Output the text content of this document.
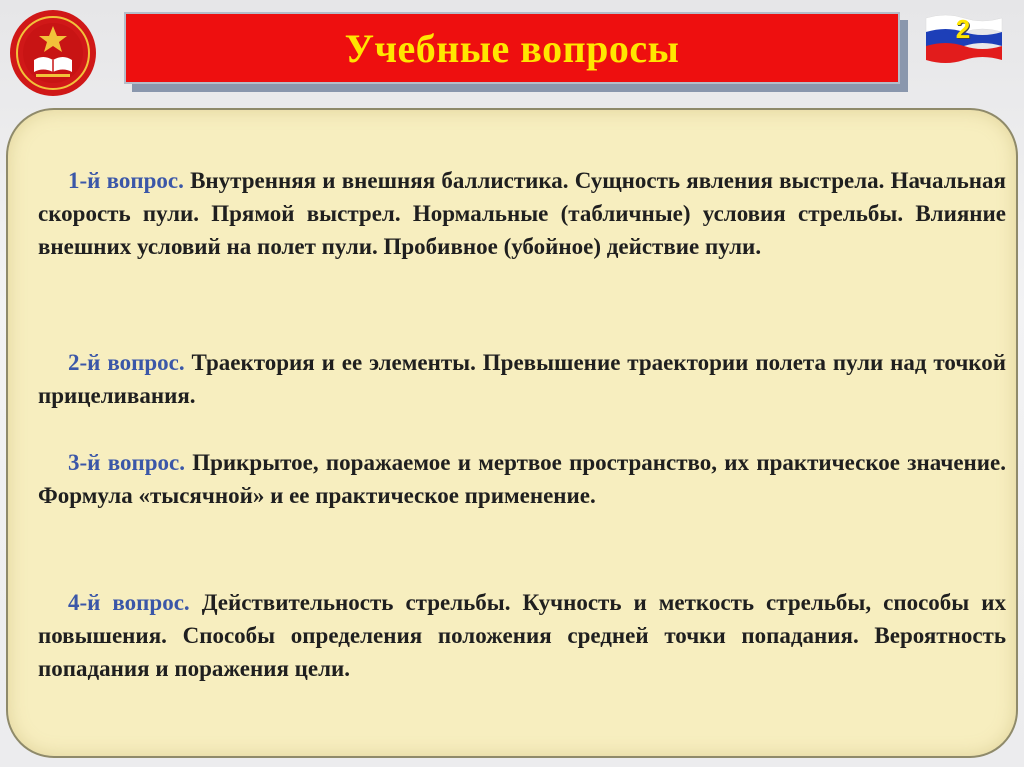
Учебные вопросы	2
1-й вопрос. Внутренняя и внешняя баллистика. Сущность явления выстрела. Начальная скорость пули. Прямой выстрел. Нормальные (табличные) условия стрельбы. Влияние внешних условий на полет пули. Пробивное (убойное) действие пули.
2-й вопрос. Траектория и ее элементы. Превышение траектории полета пули над точкой прицеливания.
3-й вопрос. Прикрытое, поражаемое и мертвое пространство, их практическое значение. Формула «тысячной» и ее практическое применение.
4-й вопрос. Действительность стрельбы. Кучность и меткость стрельбы, способы их повышения. Способы определения положения средней точки попадания. Вероятность попадания и поражения цели.
